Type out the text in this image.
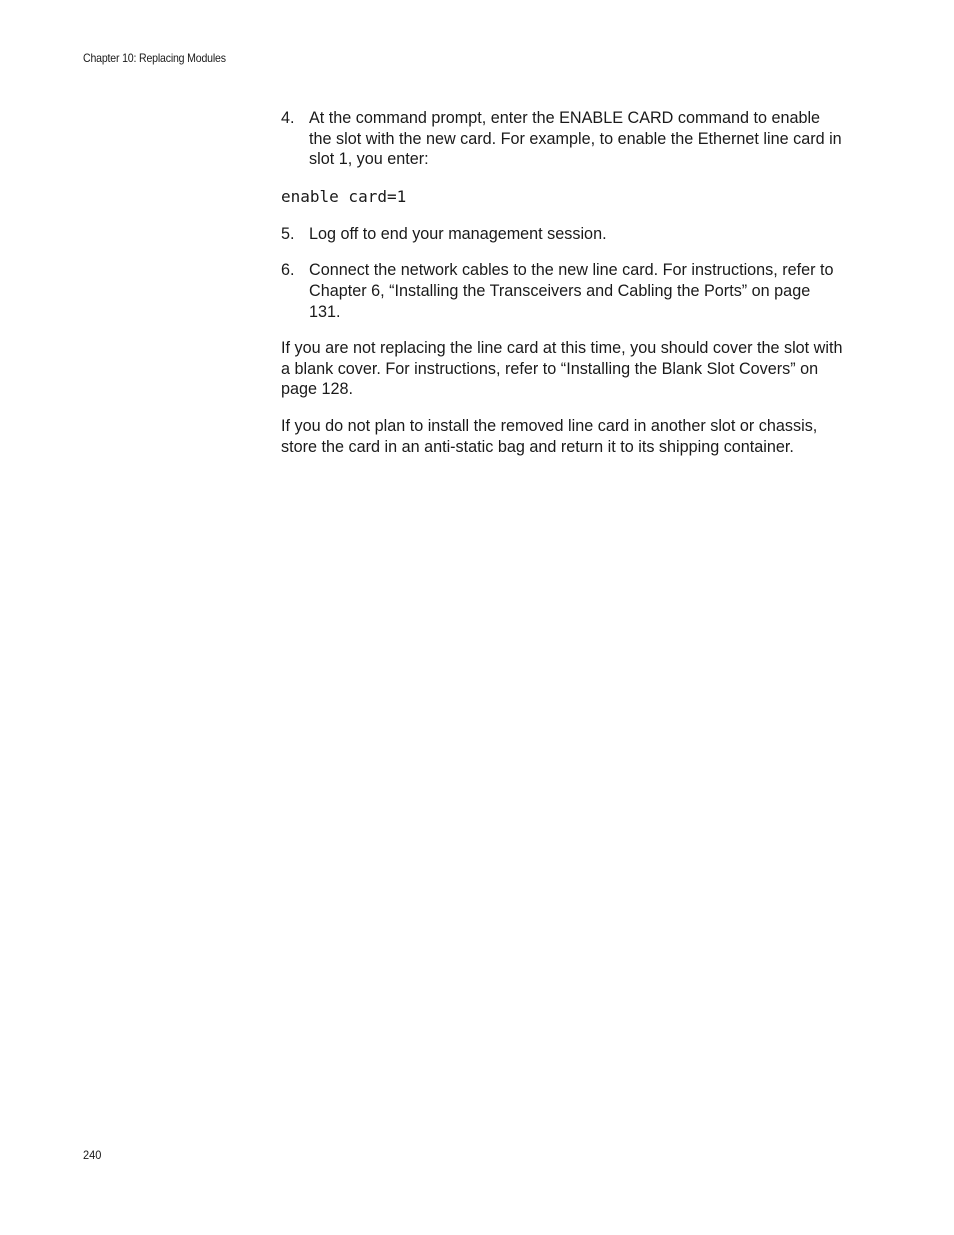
Chapter 10: Replacing Modules
4. At the command prompt, enter the ENABLE CARD command to enable the slot with the new card. For example, to enable the Ethernet line card in slot 1, you enter:
enable card=1
5. Log off to end your management session.
6. Connect the network cables to the new line card. For instructions, refer to Chapter 6, “Installing the Transceivers and Cabling the Ports” on page 131.

If you are not replacing the line card at this time, you should cover the slot with a blank cover. For instructions, refer to “Installing the Blank Slot Covers” on page 128.

If you do not plan to install the removed line card in another slot or chassis, store the card in an anti-static bag and return it to its shipping container.

240
